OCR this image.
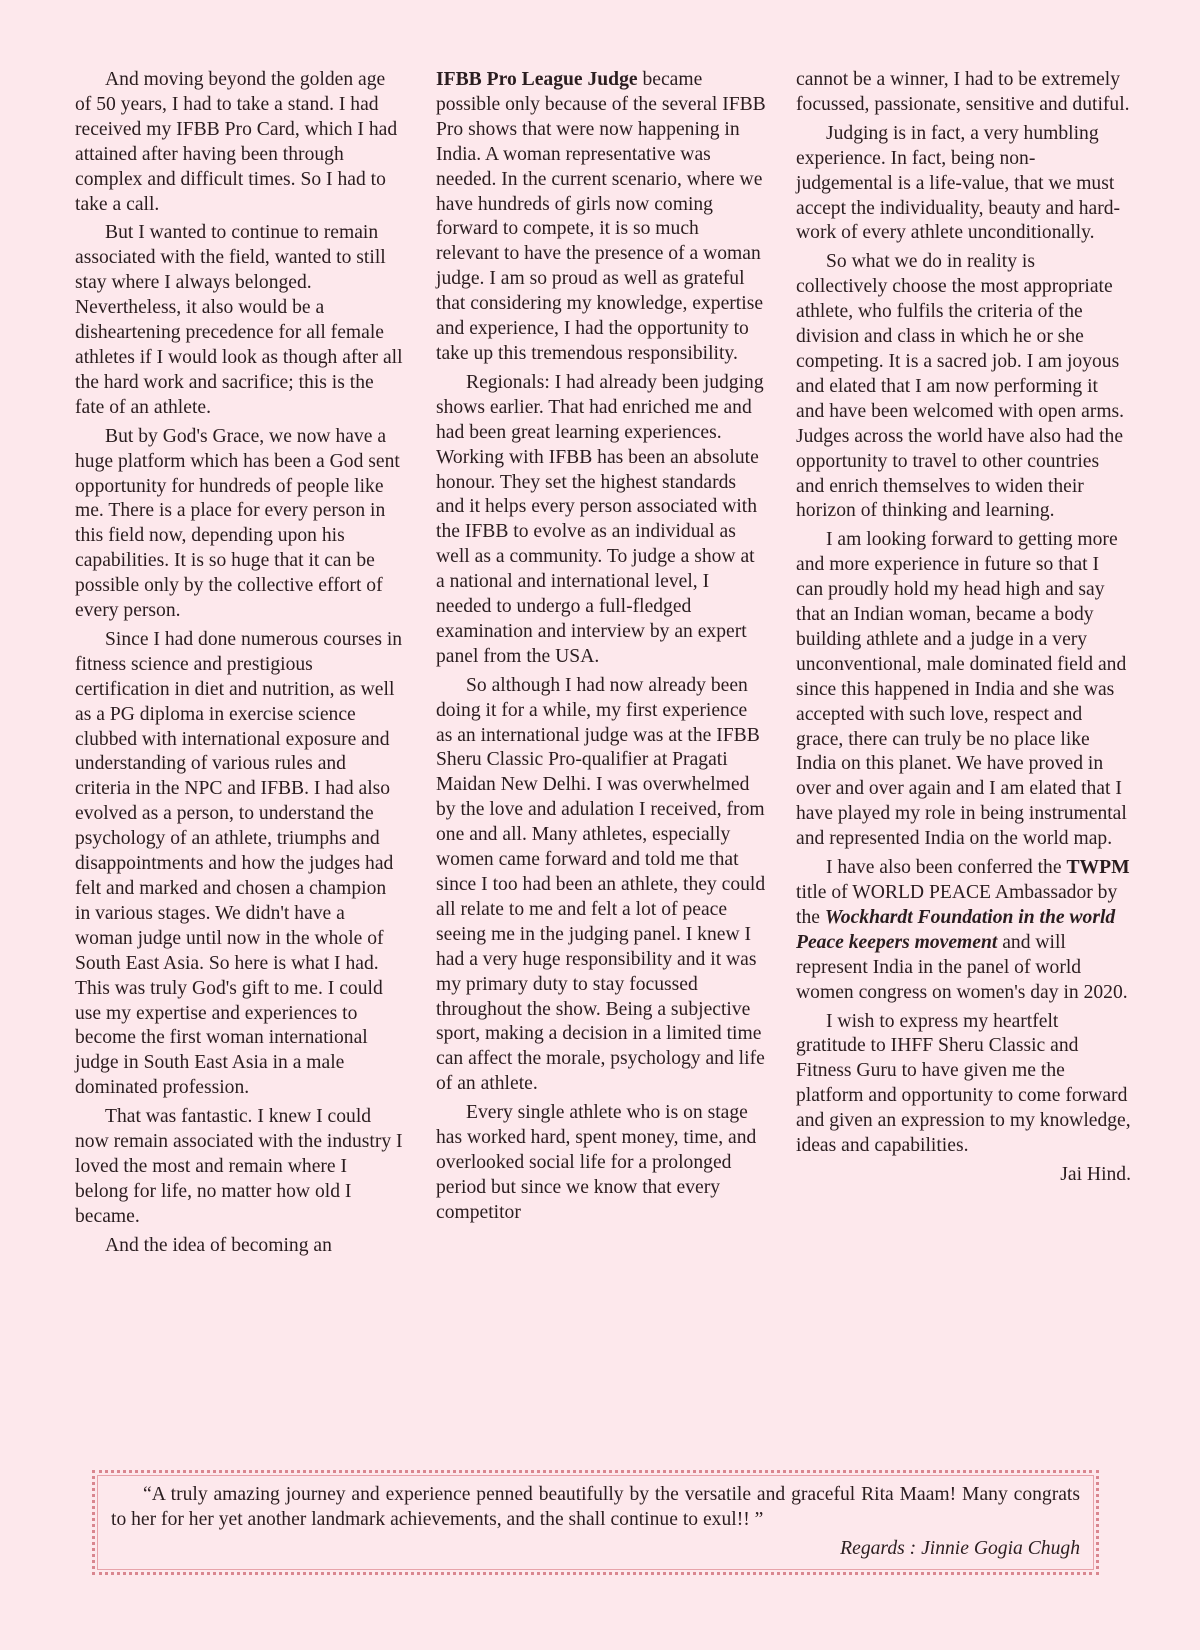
And moving beyond the golden age of 50 years, I had to take a stand. I had received my IFBB Pro Card, which I had attained after having been through complex and difficult times. So I had to take a call.

But I wanted to continue to remain associated with the field, wanted to still stay where I always belonged. Nevertheless, it also would be a disheartening precedence for all female athletes if I would look as though after all the hard work and sacrifice; this is the fate of an athlete.

But by God's Grace, we now have a huge platform which has been a God sent opportunity for hundreds of people like me. There is a place for every person in this field now, depending upon his capabilities. It is so huge that it can be possible only by the collective effort of every person.

Since I had done numerous courses in fitness science and prestigious certification in diet and nutrition, as well as a PG diploma in exercise science clubbed with international exposure and understanding of various rules and criteria in the NPC and IFBB. I had also evolved as a person, to understand the psychology of an athlete, triumphs and disappointments and how the judges had felt and marked and chosen a champion in various stages. We didn't have a woman judge until now in the whole of South East Asia. So here is what I had. This was truly God's gift to me. I could use my expertise and experiences to become the first woman international judge in South East Asia in a male dominated profession.

That was fantastic. I knew I could now remain associated with the industry I loved the most and remain where I belong for life, no matter how old I became.

And the idea of becoming an

IFBB Pro League Judge became possible only because of the several IFBB Pro shows that were now happening in India. A woman representative was needed. In the current scenario, where we have hundreds of girls now coming forward to compete, it is so much relevant to have the presence of a woman judge. I am so proud as well as grateful that considering my knowledge, expertise and experience, I had the opportunity to take up this tremendous responsibility.

Regionals: I had already been judging shows earlier. That had enriched me and had been great learning experiences. Working with IFBB has been an absolute honour. They set the highest standards and it helps every person associated with the IFBB to evolve as an individual as well as a community. To judge a show at a national and international level, I needed to undergo a full-fledged examination and interview by an expert panel from the USA.

So although I had now already been doing it for a while, my first experience as an international judge was at the IFBB Sheru Classic Pro-qualifier at Pragati Maidan New Delhi. I was overwhelmed by the love and adulation I received, from one and all. Many athletes, especially women came forward and told me that since I too had been an athlete, they could all relate to me and felt a lot of peace seeing me in the judging panel. I knew I had a very huge responsibility and it was my primary duty to stay focussed throughout the show. Being a subjective sport, making a decision in a limited time can affect the morale, psychology and life of an athlete.

Every single athlete who is on stage has worked hard, spent money, time, and overlooked social life for a prolonged period but since we know that every competitor

cannot be a winner, I had to be extremely focussed, passionate, sensitive and dutiful.

Judging is in fact, a very humbling experience. In fact, being non-judgemental is a life-value, that we must accept the individuality, beauty and hard-work of every athlete unconditionally.

So what we do in reality is collectively choose the most appropriate athlete, who fulfils the criteria of the division and class in which he or she competing. It is a sacred job. I am joyous and elated that I am now performing it and have been welcomed with open arms. Judges across the world have also had the opportunity to travel to other countries and enrich themselves to widen their horizon of thinking and learning.

I am looking forward to getting more and more experience in future so that I can proudly hold my head high and say that an Indian woman, became a body building athlete and a judge in a very unconventional, male dominated field and since this happened in India and she was accepted with such love, respect and grace, there can truly be no place like India on this planet. We have proved in over and over again and I am elated that I have played my role in being instrumental and represented India on the world map.

I have also been conferred the TWPM title of WORLD PEACE Ambassador by the Wockhardt Foundation in the world Peace keepers movement and will represent India in the panel of world women congress on women's day in 2020.

I wish to express my heartfelt gratitude to IHFF Sheru Classic and Fitness Guru to have given me the platform and opportunity to come forward and given an expression to my knowledge, ideas and capabilities.

Jai Hind.

“A truly amazing journey and experience penned beautifully by the versatile and graceful Rita Maam! Many congrats to her for her yet another landmark achievements, and the shall continue to exul!! ”

Regards : Jinnie Gogia Chugh
